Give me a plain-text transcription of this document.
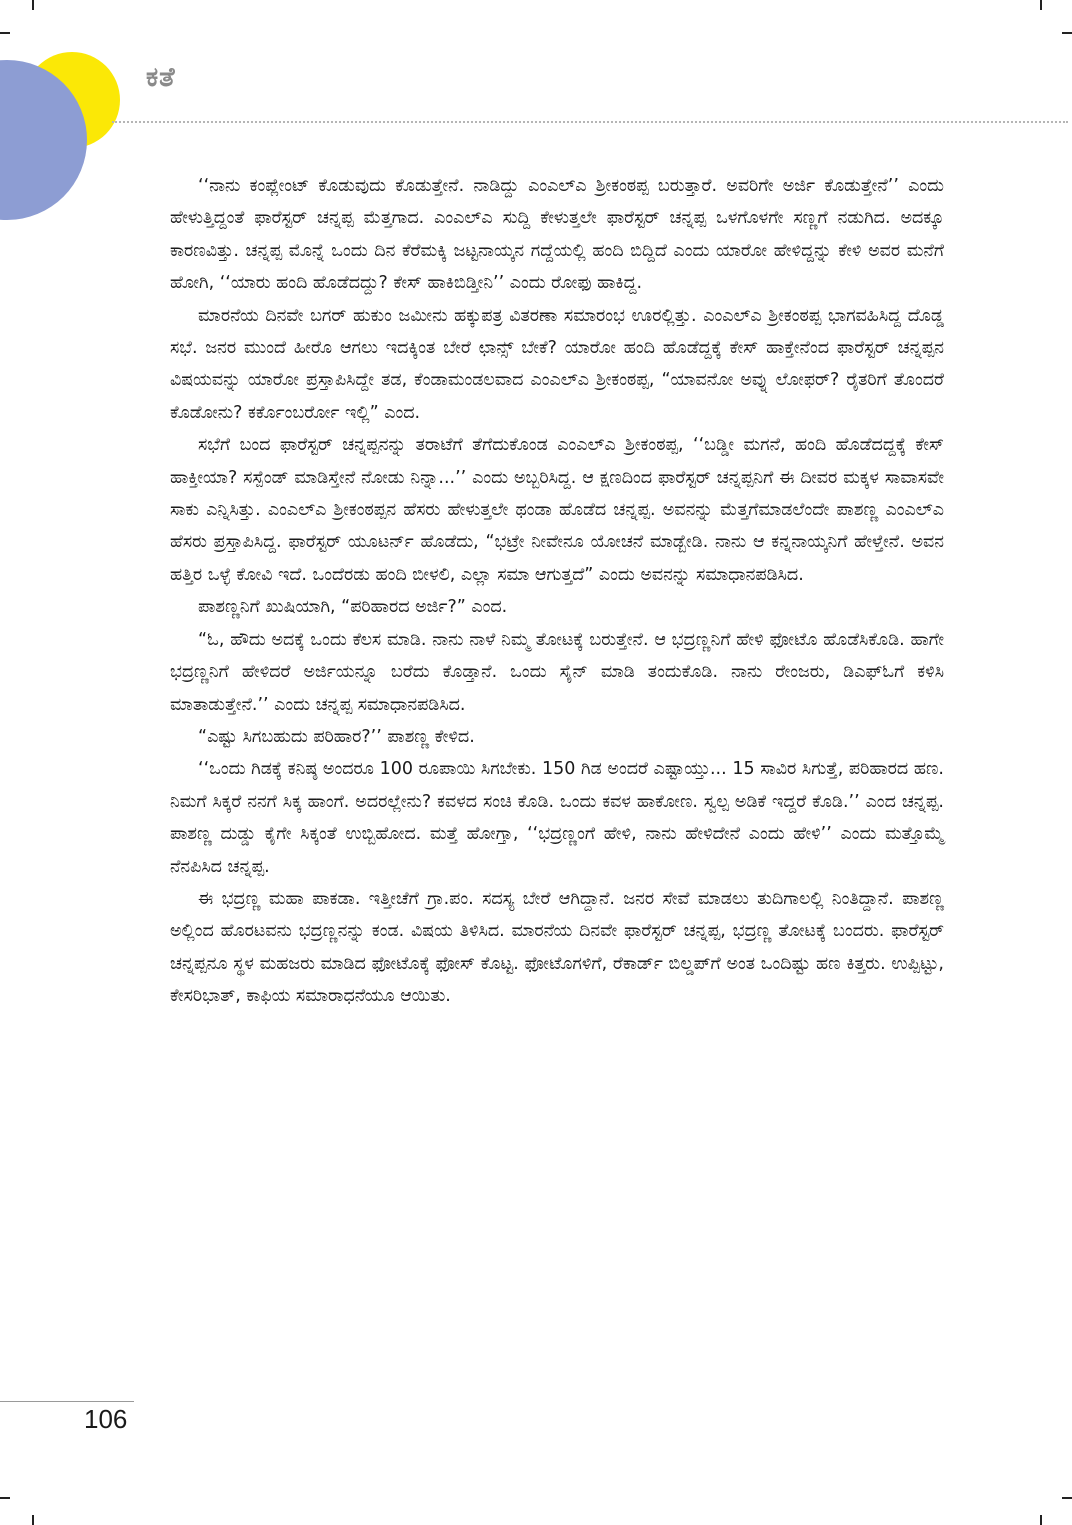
ಕತೆ

‘‘ನಾನು ಕಂಪ್ಲೇಂಟ್ ಕೊಡುವುದು ಕೊಡುತ್ತೇನೆ. ನಾಡಿದ್ದು ಎಂಎಲ್ಎ ಶ್ರೀಕಂಠಪ್ಪ ಬರುತ್ತಾರೆ. ಅವರಿಗೇ ಅರ್ಜಿ ಕೊಡುತ್ತೇನೆ’’ ಎಂದು ಹೇಳುತ್ತಿದ್ದಂತೆ ಫಾರೆಸ್ಟರ್ ಚನ್ನಪ್ಪ ಮೆತ್ತಗಾದ. ಎಂಎಲ್ಎ ಸುದ್ದಿ ಕೇಳುತ್ತಲೇ ಫಾರೆಸ್ಟರ್ ಚನ್ನಪ್ಪ ಒಳಗೊಳಗೇ ಸಣ್ಣಗೆ ನಡುಗಿದ. ಅದಕ್ಕೂ ಕಾರಣವಿತ್ತು. ಚನ್ನಪ್ಪ ಮೊನ್ನೆ ಒಂದು ದಿನ ಕೆರೆಮಕ್ಕಿ ಜಟ್ಟನಾಯ್ಕನ ಗದ್ದೆಯಲ್ಲಿ ಹಂದಿ ಬಿದ್ದಿದೆ ಎಂದು ಯಾರೋ ಹೇಳಿದ್ದನ್ನು ಕೇಳಿ ಅವರ ಮನೆಗೆ ಹೋಗಿ, ‘‘ಯಾರು ಹಂದಿ ಹೊಡೆದದ್ದು? ಕೇಸ್ ಹಾಕಿಬಿಡ್ತೀನಿ’’ ಎಂದು ರೋಫು ಹಾಕಿದ್ದ.

ಮಾರನೆಯ ದಿನವೇ ಬಗರ್ ಹುಕುಂ ಜಮೀನು ಹಕ್ಕುಪತ್ರ ವಿತರಣಾ ಸಮಾರಂಭ ಊರಲ್ಲಿತ್ತು. ಎಂಎಲ್ಎ ಶ್ರೀಕಂಠಪ್ಪ ಭಾಗವಹಿಸಿದ್ದ ದೊಡ್ಡ ಸಭೆ. ಜನರ ಮುಂದೆ ಹೀರೊ ಆಗಲು ಇದಕ್ಕಿಂತ ಬೇರೆ ಛಾನ್ಸ್ ಬೇಕೆ? ಯಾರೋ ಹಂದಿ ಹೊಡೆದ್ದಕ್ಕೆ ಕೇಸ್ ಹಾಕ್ತೇನೆಂದ ಫಾರೆಸ್ಟರ್ ಚನ್ನಪ್ಪನ ವಿಷಯವನ್ನು ಯಾರೋ ಪ್ರಸ್ತಾಪಿಸಿದ್ದೇ ತಡ, ಕೆಂಡಾಮಂಡಲವಾದ ಎಂಎಲ್ಎ ಶ್ರೀಕಂಠಪ್ಪ, “ಯಾವನೋ ಅವ್ನು ಲೋಫರ್? ರೈತರಿಗೆ ತೊಂದರೆ ಕೊಡೋನು? ಕರ್ಕೊಂಬರ್ರೋ ಇಲ್ಲಿ” ಎಂದ.

ಸಭೆಗೆ ಬಂದ ಫಾರೆಸ್ಟರ್ ಚನ್ನಪ್ಪನನ್ನು ತರಾಟೆಗೆ ತೆಗೆದುಕೊಂಡ ಎಂಎಲ್ಎ ಶ್ರೀಕಂಠಪ್ಪ, ‘‘ಬಡ್ಡೀ ಮಗನೆ, ಹಂದಿ ಹೊಡೆದದ್ದಕ್ಕೆ ಕೇಸ್ ಹಾಕ್ತೀಯಾ? ಸಸ್ಪೆಂಡ್ ಮಾಡಿಸ್ತೇನೆ ನೋಡು ನಿನ್ನಾ...’’ ಎಂದು ಅಬ್ಬರಿಸಿದ್ದ. ಆ ಕ್ಷಣದಿಂದ ಫಾರೆಸ್ಟರ್ ಚನ್ನಪ್ಪನಿಗೆ ಈ ದೀವರ ಮಕ್ಕಳ ಸಾವಾಸವೇ ಸಾಕು ಎನ್ನಿಸಿತ್ತು. ಎಂಎಲ್ಎ ಶ್ರೀಕಂಠಪ್ಪನ ಹೆಸರು ಹೇಳುತ್ತಲೇ ಥಂಡಾ ಹೊಡೆದ ಚನ್ನಪ್ಪ. ಅವನನ್ನು ಮೆತ್ತಗೆಮಾಡಲೆಂದೇ ಪಾಶಣ್ಣ ಎಂಎಲ್ಎ ಹೆಸರು ಪ್ರಸ್ತಾಪಿಸಿದ್ದ. ಫಾರೆಸ್ಟರ್ ಯೂಟರ್ನ್ ಹೊಡೆದು, “ಭಟ್ರೇ ನೀವೇನೂ ಯೋಚನೆ ಮಾಡ್ಬೇಡಿ. ನಾನು ಆ ಕನ್ನನಾಯ್ಕನಿಗೆ ಹೇಳ್ತೇನೆ. ಅವನ ಹತ್ತಿರ ಒಳ್ಳೆ ಕೋವಿ ಇದೆ. ಒಂದೆರಡು ಹಂದಿ ಬೀಳಲಿ, ಎಲ್ಲಾ ಸಮಾ ಆಗುತ್ತದೆ” ಎಂದು ಅವನನ್ನು ಸಮಾಧಾನಪಡಿಸಿದ.

ಪಾಶಣ್ಣನಿಗೆ ಖುಷಿಯಾಗಿ, “ಪರಿಹಾರದ ಅರ್ಜಿ?” ಎಂದ.

“ಓ, ಹೌದು ಅದಕ್ಕೆ ಒಂದು ಕೆಲಸ ಮಾಡಿ. ನಾನು ನಾಳೆ ನಿಮ್ಮ ತೋಟಕ್ಕೆ ಬರುತ್ತೇನೆ. ಆ ಭದ್ರಣ್ಣನಿಗೆ ಹೇಳಿ ಫೋಟೊ ಹೊಡೆಸಿಕೊಡಿ. ಹಾಗೇ ಭದ್ರಣ್ಣನಿಗೆ ಹೇಳಿದರೆ ಅರ್ಜಿಯನ್ನೂ ಬರೆದು ಕೊಡ್ತಾನೆ. ಒಂದು ಸೈನ್ ಮಾಡಿ ತಂದುಕೊಡಿ. ನಾನು ರೇಂಜರು, ಡಿಎಫ್ಓಗೆ ಕಳಿಸಿ ಮಾತಾಡುತ್ತೇನೆ.’’ ಎಂದು ಚನ್ನಪ್ಪ ಸಮಾಧಾನಪಡಿಸಿದ.

“ಎಷ್ಟು ಸಿಗಬಹುದು ಪರಿಹಾರ?’’ ಪಾಶಣ್ಣ ಕೇಳಿದ.

‘‘ಒಂದು ಗಿಡಕ್ಕೆ ಕನಿಷ್ಠ ಅಂದರೂ 100 ರೂಪಾಯಿ ಸಿಗಬೇಕು. 150 ಗಿಡ ಅಂದರೆ ಎಷ್ಟಾಯ್ತು... 15 ಸಾವಿರ ಸಿಗುತ್ತೆ, ಪರಿಹಾರದ ಹಣ. ನಿಮಗೆ ಸಿಕ್ಕರೆ ನನಗೆ ಸಿಕ್ಕ ಹಾಂಗೆ. ಅದರಲ್ಲೇನು? ಕವಳದ ಸಂಚಿ ಕೊಡಿ. ಒಂದು ಕವಳ ಹಾಕೋಣ. ಸ್ವಲ್ಪ ಅಡಿಕೆ ಇದ್ದರೆ ಕೊಡಿ.’’ ಎಂದ ಚನ್ನಪ್ಪ. ಪಾಶಣ್ಣ ದುಡ್ಡು ಕೈಗೇ ಸಿಕ್ಕಂತೆ ಉಬ್ಬಿಹೋದ. ಮತ್ತೆ ಹೋಗ್ತಾ, ‘‘ಭದ್ರಣ್ಣಂಗೆ ಹೇಳಿ, ನಾನು ಹೇಳಿದೇನೆ ಎಂದು ಹೇಳಿ’’ ಎಂದು ಮತ್ತೊಮ್ಮೆ ನೆನಪಿಸಿದ ಚನ್ನಪ್ಪ.

ಈ ಭದ್ರಣ್ಣ ಮಹಾ ಪಾಕಡಾ. ಇತ್ತೀಚೆಗೆ ಗ್ರಾ.ಪಂ. ಸದಸ್ಯ ಬೇರೆ ಆಗಿದ್ದಾನೆ. ಜನರ ಸೇವೆ ಮಾಡಲು ತುದಿಗಾಲಲ್ಲಿ ನಿಂತಿದ್ದಾನೆ. ಪಾಶಣ್ಣ ಅಲ್ಲಿಂದ ಹೊರಟವನು ಭದ್ರಣ್ಣನನ್ನು ಕಂಡ. ವಿಷಯ ತಿಳಿಸಿದ. ಮಾರನೆಯ ದಿನವೇ ಫಾರೆಸ್ಟರ್ ಚನ್ನಪ್ಪ, ಭದ್ರಣ್ಣ ತೋಟಕ್ಕೆ ಬಂದರು. ಫಾರೆಸ್ಟರ್ ಚನ್ನಪ್ಪನೂ ಸ್ಥಳ ಮಹಜರು ಮಾಡಿದ ಫೋಟೊಕ್ಕೆ ಫೋಸ್ ಕೊಟ್ಟ. ಫೋಟೊಗಳಿಗೆ, ರೆಕಾರ್ಡ್ ಬಿಲ್ಡಪ್‌ಗೆ ಅಂತ ಒಂದಿಷ್ಟು ಹಣ ಕಿತ್ತರು. ಉಪ್ಪಿಟ್ಟು, ಕೇಸರಿಭಾತ್, ಕಾಫಿಯ ಸಮಾರಾಧನೆಯೂ ಆಯಿತು.

106
